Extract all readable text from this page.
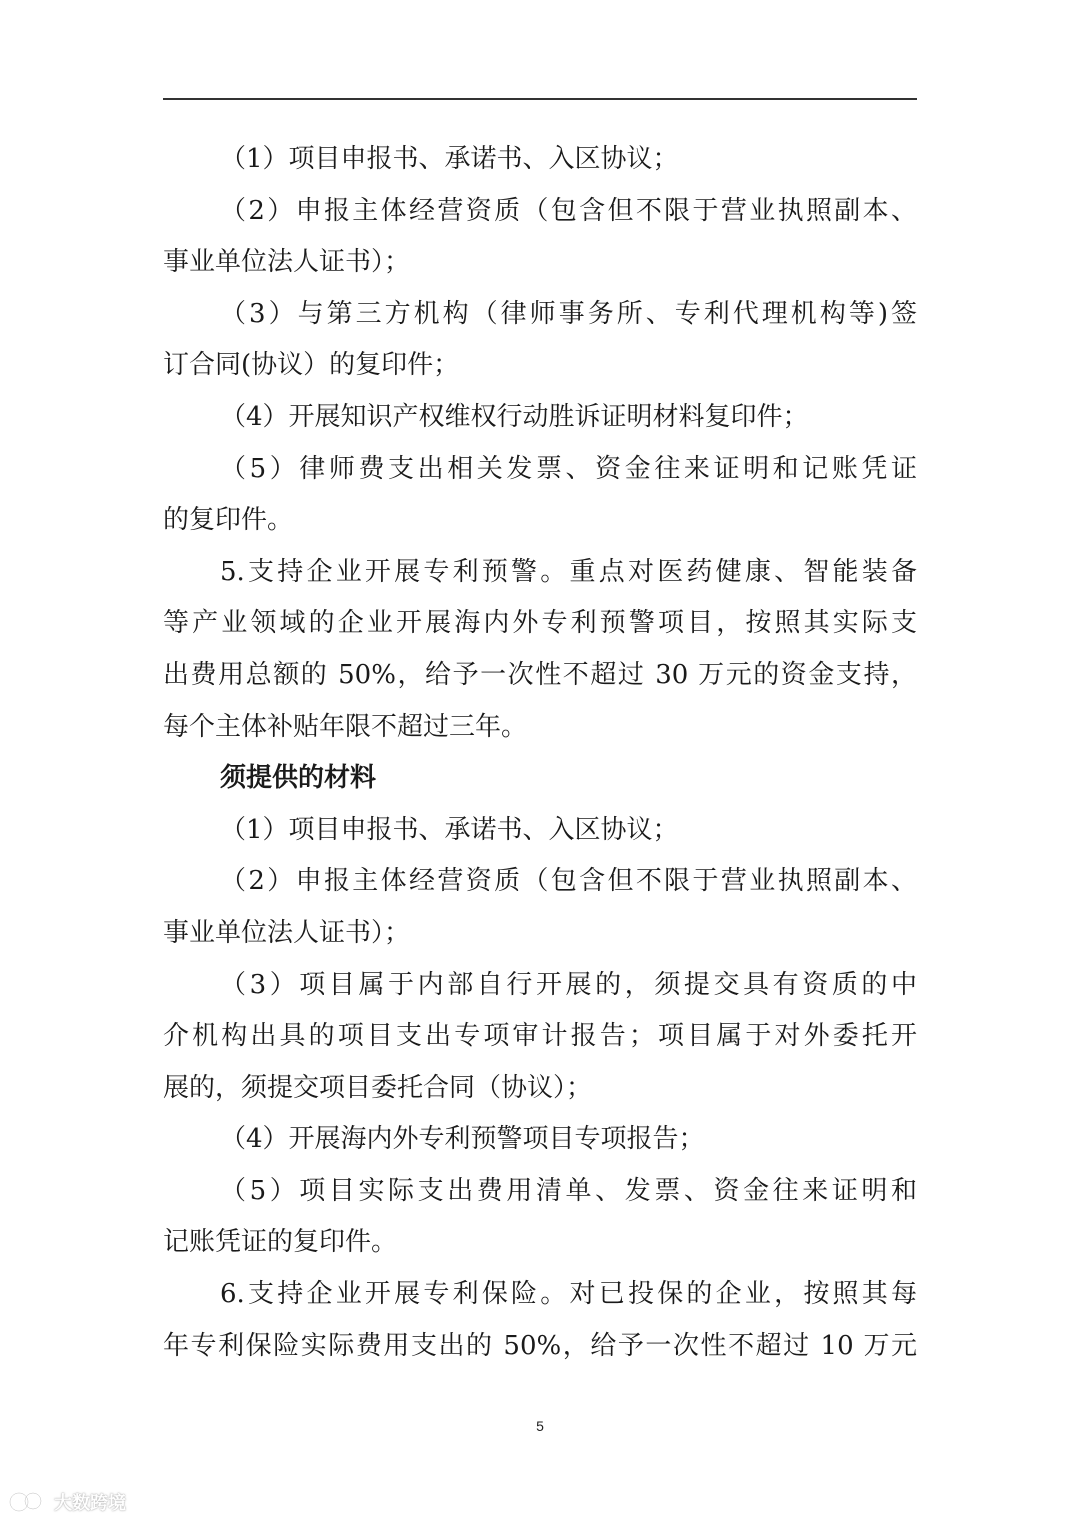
（1）项目申报书、承诺书、入区协议；
（2）申报主体经营资质（包含但不限于营业执照副本、
事业单位法人证书）；
（3）与第三方机构（律师事务所、专利代理机构等)签
订合同(协议）的复印件；
（4）开展知识产权维权行动胜诉证明材料复印件；
（5）律师费支出相关发票、资金往来证明和记账凭证
的复印件。
5.支持企业开展专利预警。重点对医药健康、智能装备
等产业领域的企业开展海内外专利预警项目，按照其实际支
出费用总额的 50%，给予一次性不超过 30 万元的资金支持，
每个主体补贴年限不超过三年。
须提供的材料
（1）项目申报书、承诺书、入区协议；
（2）申报主体经营资质（包含但不限于营业执照副本、
事业单位法人证书）；
（3）项目属于内部自行开展的，须提交具有资质的中
介机构出具的项目支出专项审计报告；项目属于对外委托开
展的，须提交项目委托合同（协议）；
（4）开展海内外专利预警项目专项报告；
（5）项目实际支出费用清单、发票、资金往来证明和
记账凭证的复印件。
6.支持企业开展专利保险。对已投保的企业，按照其每
年专利保险实际费用支出的 50%，给予一次性不超过 10 万元
5
大数跨境
